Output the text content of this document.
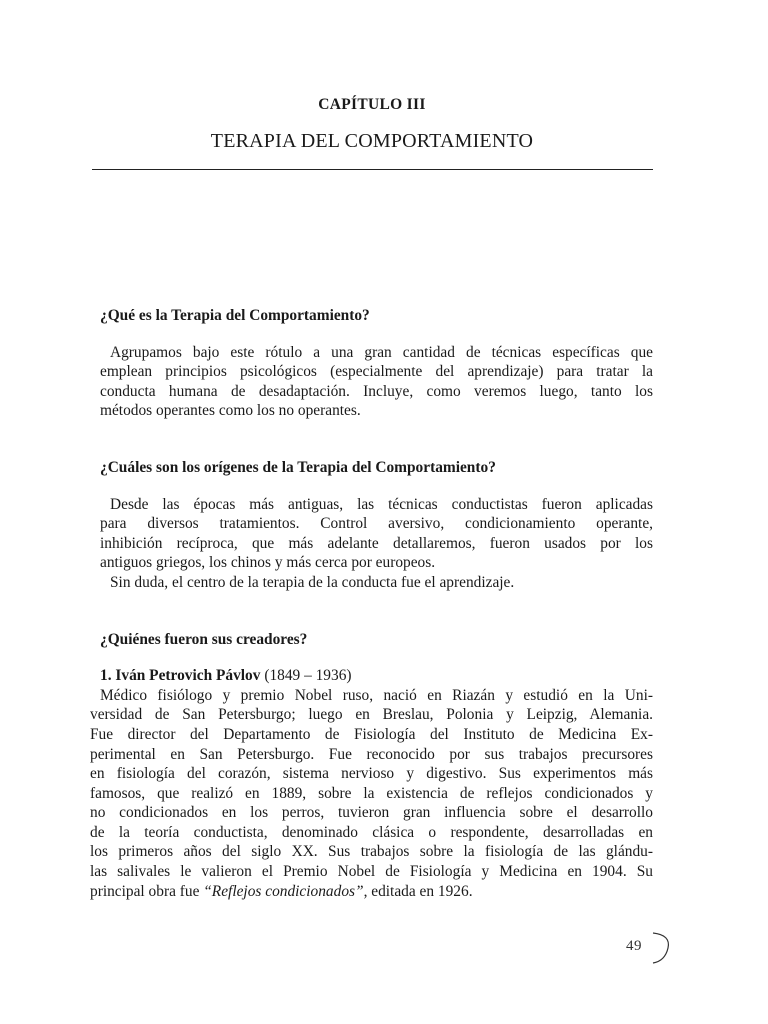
CAPÍTULO III
TERAPIA DEL COMPORTAMIENTO

¿Qué es la Terapia del Comportamiento?

Agrupamos bajo este rótulo a una gran cantidad de técnicas específicas que
emplean principios psicológicos (especialmente del aprendizaje) para tratar la
conducta humana de desadaptación. Incluye, como veremos luego, tanto los
métodos operantes como los no operantes.

¿Cuáles son los orígenes de la Terapia del Comportamiento?

Desde las épocas más antiguas, las técnicas conductistas fueron aplicadas
para diversos tratamientos. Control aversivo, condicionamiento operante,
inhibición recíproca, que más adelante detallaremos, fueron usados por los
antiguos griegos, los chinos y más cerca por europeos.
Sin duda, el centro de la terapia de la conducta fue el aprendizaje.

¿Quiénes fueron sus creadores?

1. Iván Petrovich Pávlov (1849 – 1936)

Médico fisiólogo y premio Nobel ruso, nació en Riazán y estudió en la Uni-
versidad de San Petersburgo; luego en Breslau, Polonia y Leipzig, Alemania.
Fue director del Departamento de Fisiología del Instituto de Medicina Ex-
perimental en San Petersburgo. Fue reconocido por sus trabajos precursores
en fisiología del corazón, sistema nervioso y digestivo. Sus experimentos más
famosos, que realizó en 1889, sobre la existencia de reflejos condicionados y
no condicionados en los perros, tuvieron gran influencia sobre el desarrollo
de la teoría conductista, denominado clásica o respondente, desarrolladas en
los primeros años del siglo XX. Sus trabajos sobre la fisiología de las glándu-
las salivales le valieron el Premio Nobel de Fisiología y Medicina en 1904. Su
principal obra fue “Reflejos condicionados”, editada en 1926.
49
